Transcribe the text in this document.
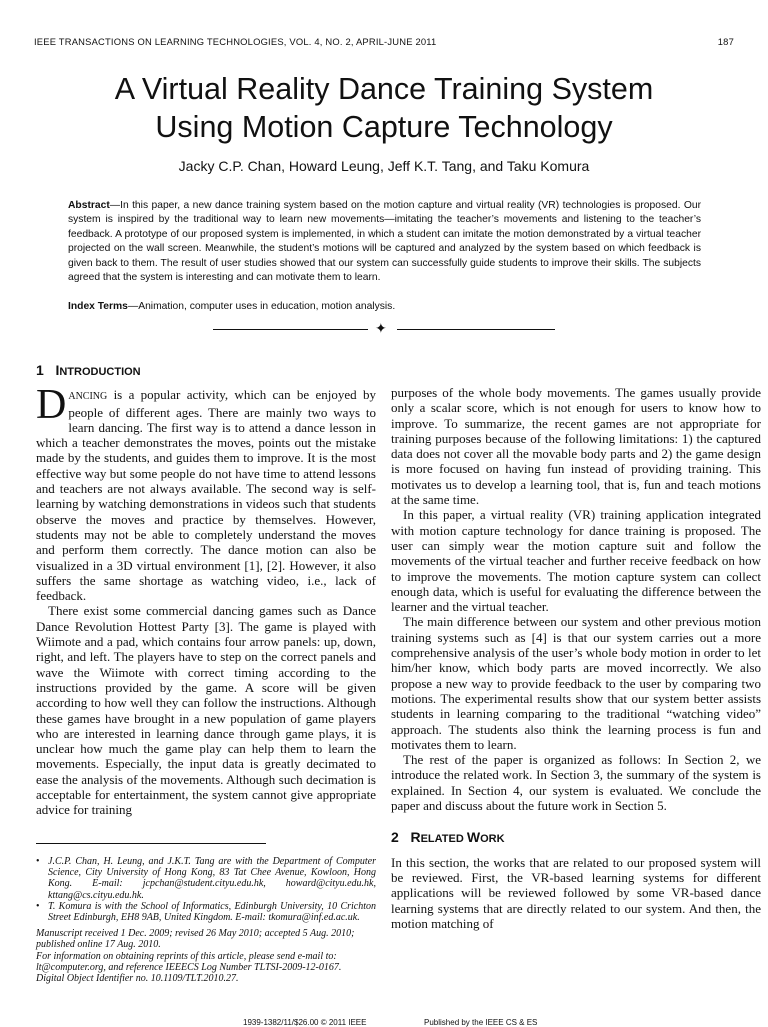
IEEE TRANSACTIONS ON LEARNING TECHNOLOGIES, VOL. 4, NO. 2, APRIL-JUNE 2011	187
A Virtual Reality Dance Training System
Using Motion Capture Technology
Jacky C.P. Chan, Howard Leung, Jeff K.T. Tang, and Taku Komura
Abstract—In this paper, a new dance training system based on the motion capture and virtual reality (VR) technologies is proposed. Our system is inspired by the traditional way to learn new movements—imitating the teacher’s movements and listening to the teacher’s feedback. A prototype of our proposed system is implemented, in which a student can imitate the motion demonstrated by a virtual teacher projected on the wall screen. Meanwhile, the student’s motions will be captured and analyzed by the system based on which feedback is given back to them. The result of user studies showed that our system can successfully guide students to improve their skills. The subjects agreed that the system is interesting and can motivate them to learn.
Index Terms—Animation, computer uses in education, motion analysis.
✦

1 INTRODUCTION

DANCING is a popular activity, which can be enjoyed by people of different ages. There are mainly two ways to learn dancing. The first way is to attend a dance lesson in which a teacher demonstrates the moves, points out the mistake made by the students, and guides them to improve. It is the most effective way but some people do not have time to attend lessons and teachers are not always available. The second way is self-learning by watching demonstrations in videos such that students observe the moves and practice by themselves. However, students may not be able to completely understand the moves and perform them correctly. The dance motion can also be visualized in a 3D virtual environment [1], [2]. However, it also suffers the same shortage as watching video, i.e., lack of feedback.

There exist some commercial dancing games such as Dance Dance Revolution Hottest Party [3]. The game is played with Wiimote and a pad, which contains four arrow panels: up, down, right, and left. The players have to step on the correct panels and wave the Wiimote with correct timing according to the instructions provided by the game. A score will be given according to how well they can follow the instructions. Although these games have brought in a new population of game players who are interested in learning dance through game plays, it is unclear how much the game play can help them to learn the movements. Especially, the input data is greatly decimated to ease the analysis of the movements. Although such decimation is acceptable for entertainment, the system cannot give appropriate advice for training

purposes of the whole body movements. The games usually provide only a scalar score, which is not enough for users to know how to improve. To summarize, the recent games are not appropriate for training purposes because of the following limitations: 1) the captured data does not cover all the movable body parts and 2) the game design is more focused on having fun instead of providing training. This motivates us to develop a learning tool, that is, fun and teach motions at the same time.

In this paper, a virtual reality (VR) training application integrated with motion capture technology for dance training is proposed. The user can simply wear the motion capture suit and follow the movements of the virtual teacher and further receive feedback on how to improve the movements. The motion capture system can collect enough data, which is useful for evaluating the difference between the learner and the virtual teacher.

The main difference between our system and other previous motion training systems such as [4] is that our system carries out a more comprehensive analysis of the user’s whole body motion in order to let him/her know, which body parts are moved incorrectly. We also propose a new way to provide feedback to the user by comparing two motions. The experimental results show that our system better assists students in learning comparing to the traditional “watching video” approach. The students also think the learning process is fun and motivates them to learn.

The rest of the paper is organized as follows: In Section 2, we introduce the related work. In Section 3, the summary of the system is explained. In Section 4, our system is evaluated. We conclude the paper and discuss about the future work in Section 5.

2 RELATED WORK

In this section, the works that are related to our proposed system will be reviewed. First, the VR-based learning systems for different applications will be reviewed followed by some VR-based dance learning systems that are directly related to our system. And then, the motion matching of

• J.C.P. Chan, H. Leung, and J.K.T. Tang are with the Department of Computer Science, City University of Hong Kong, 83 Tat Chee Avenue, Kowloon, Hong Kong. E-mail: jcpchan@student.cityu.edu.hk, howard@cityu.edu.hk, kttang@cs.cityu.edu.hk.
• T. Komura is with the School of Informatics, Edinburgh University, 10 Crichton Street Edinburgh, EH8 9AB, United Kingdom. E-mail: tkomura@inf.ed.ac.uk.
Manuscript received 1 Dec. 2009; revised 26 May 2010; accepted 5 Aug. 2010; published online 17 Aug. 2010.
For information on obtaining reprints of this article, please send e-mail to: lt@computer.org, and reference IEEECS Log Number TLTSI-2009-12-0167.
Digital Object Identifier no. 10.1109/TLT.2010.27.
1939-1382/11/$26.00 © 2011 IEEE	Published by the IEEE CS & ES
